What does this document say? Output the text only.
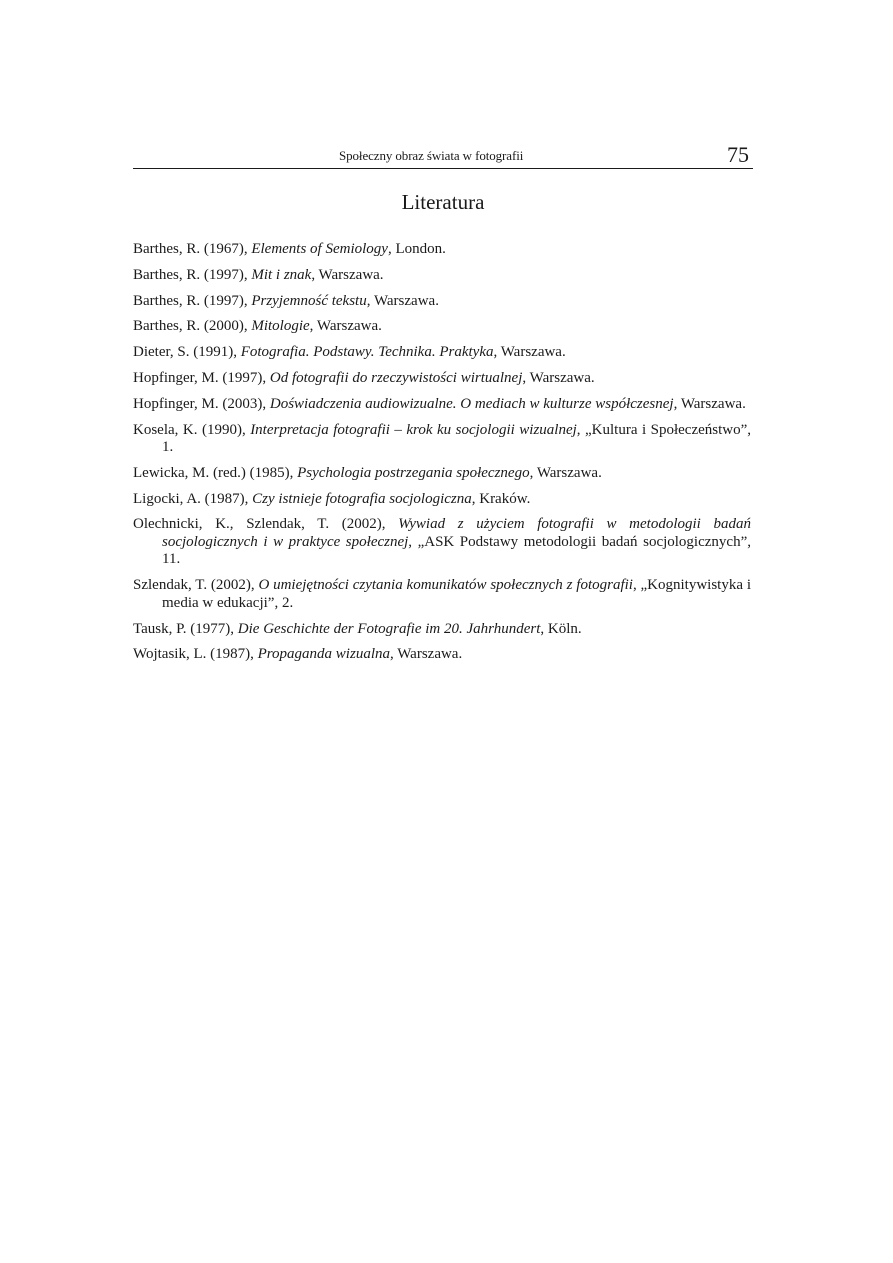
Społeczny obraz świata w fotografii	75
Literatura
Barthes, R. (1967), Elements of Semiology, London.
Barthes, R. (1997), Mit i znak, Warszawa.
Barthes, R. (1997), Przyjemność tekstu, Warszawa.
Barthes, R. (2000), Mitologie, Warszawa.
Dieter, S. (1991), Fotografia. Podstawy. Technika. Praktyka, Warszawa.
Hopfinger, M. (1997), Od fotografii do rzeczywistości wirtualnej, Warszawa.
Hopfinger, M. (2003), Doświadczenia audiowizualne. O mediach w kulturze współczesnej, Warszawa.
Kosela, K. (1990), Interpretacja fotografii – krok ku socjologii wizualnej, „Kultura i Społeczeństwo”, 1.
Lewicka, M. (red.) (1985), Psychologia postrzegania społecznego, Warszawa.
Ligocki, A. (1987), Czy istnieje fotografia socjologiczna, Kraków.
Olechnicki, K., Szlendak, T. (2002), Wywiad z użyciem fotografii w metodologii badań socjologicznych i w praktyce społecznej, „ASK Podstawy metodologii badań socjologicznych”, 11.
Szlendak, T. (2002), O umiejętności czytania komunikatów społecznych z fotografii, „Kognitywistyka i media w edukacji”, 2.
Tausk, P. (1977), Die Geschichte der Fotografie im 20. Jahrhundert, Köln.
Wojtasik, L. (1987), Propaganda wizualna, Warszawa.
